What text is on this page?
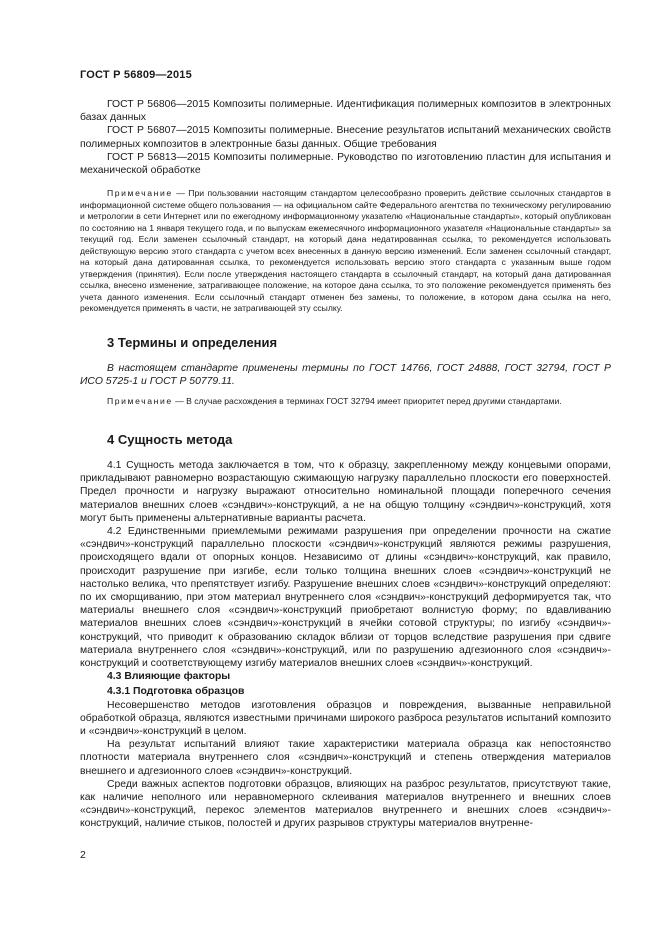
ГОСТ Р 56809—2015

ГОСТ Р 56806—2015 Композиты полимерные. Идентификация полимерных композитов в электронных базах данных

ГОСТ Р 56807—2015 Композиты полимерные. Внесение результатов испытаний механических свойств полимерных композитов в электронные базы данных. Общие требования

ГОСТ Р 56813—2015 Композиты полимерные. Руководство по изготовлению пластин для испытания и механической обработке

Примечание — При пользовании настоящим стандартом целесообразно проверить действие ссылочных стандартов в информационной системе общего пользования — на официальном сайте Федерального агентства по техническому регулированию и метрологии в сети Интернет или по ежегодному информационному указателю «Национальные стандарты», который опубликован по состоянию на 1 января текущего года, и по выпускам ежемесячного информационного указателя «Национальные стандарты» за текущий год. Если заменен ссылочный стандарт, на который дана недатированная ссылка, то рекомендуется использовать действующую версию этого стандарта с учетом всех внесенных в данную версию изменений. Если заменен ссылочный стандарт, на который дана датированная ссылка, то рекомендуется использовать версию этого стандарта с указанным выше годом утверждения (принятия). Если после утверждения настоящего стандарта в ссылочный стандарт, на который дана датированная ссылка, внесено изменение, затрагивающее положение, на которое дана ссылка, то это положение рекомендуется применять без учета данного изменения. Если ссылочный стандарт отменен без замены, то положение, в котором дана ссылка на него, рекомендуется применять в части, не затрагивающей эту ссылку.

3 Термины и определения

В настоящем стандарте применены термины по ГОСТ 14766, ГОСТ 24888, ГОСТ 32794, ГОСТ Р ИСО 5725-1 и ГОСТ Р 50779.11.

Примечание — В случае расхождения в терминах ГОСТ 32794 имеет приоритет перед другими стандартами.

4 Сущность метода

4.1 Сущность метода заключается в том, что к образцу, закрепленному между концевыми опорами, прикладывают равномерно возрастающую сжимающую нагрузку параллельно плоскости его поверхностей. Предел прочности и нагрузку выражают относительно номинальной площади поперечного сечения материалов внешних слоев «сэндвич»-конструкций, а не на общую толщину «сэндвич»-конструкций, хотя могут быть применены альтернативные варианты расчета.

4.2 Единственными приемлемыми режимами разрушения при определении прочности на сжатие «сэндвич»-конструкций параллельно плоскости «сэндвич»-конструкций являются режимы разрушения, происходящего вдали от опорных концов. Независимо от длины «сэндвич»-конструкций, как правило, происходит разрушение при изгибе, если только толщина внешних слоев «сэндвич»-конструкций не настолько велика, что препятствует изгибу. Разрушение внешних слоев «сэндвич»-конструкций определяют: по их сморщиванию, при этом материал внутреннего слоя «сэндвич»-конструкций деформируется так, что материалы внешнего слоя «сэндвич»-конструкций приобретают волнистую форму; по вдавливанию материалов внешних слоев «сэндвич»-конструкций в ячейки сотовой структуры; по изгибу «сэндвич»-конструкций, что приводит к образованию складок вблизи от торцов вследствие разрушения при сдвиге материала внутреннего слоя «сэндвич»-конструкций, или по разрушению адгезионного слоя «сэндвич»-конструкций и соответствующему изгибу материалов внешних слоев «сэндвич»-конструкций.

4.3 Влияющие факторы

4.3.1 Подготовка образцов

Несовершенство методов изготовления образцов и повреждения, вызванные неправильной обработкой образца, являются известными причинами широкого разброса результатов испытаний композито и «сэндвич»-конструкций в целом.

На результат испытаний влияют такие характеристики материала образца как непостоянство плотности материала внутреннего слоя «сэндвич»-конструкций и степень отверждения материалов внешнего и адгезионного слоев «сэндвич»-конструкций.

Среди важных аспектов подготовки образцов, влияющих на разброс результатов, присутствуют такие, как наличие неполного или неравномерного склеивания материалов внутреннего и внешних слоев «сэндвич»-конструкций, перекос элементов материалов внутреннего и внешних слоев «сэндвич»-конструкций, наличие стыков, полостей и других разрывов структуры материалов внутренне-

2
